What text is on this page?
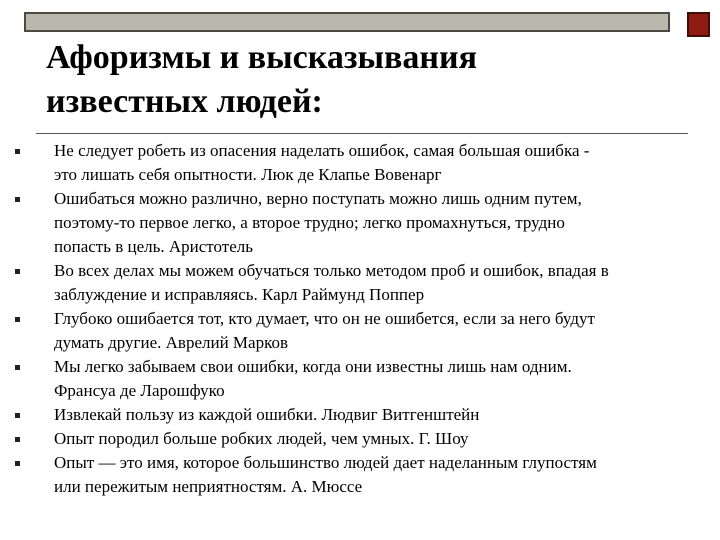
Афоризмы и высказывания
известных людей:
Не следует робеть из опасения наделать ошибок, самая большая ошибка -
это лишать себя опытности. Люк де Клапье Вовенарг
Ошибаться можно различно, верно поступать можно лишь одним путем,
поэтому-то первое легко, а второе трудно; легко промахнуться, трудно
попасть в цель. Аристотель
Во всех делах мы можем обучаться только методом проб и ошибок, впадая в
заблуждение и исправляясь. Карл Раймунд Поппер
Глубоко ошибается тот, кто думает, что он не ошибется, если за него будут
думать другие. Аврелий Марков
Мы легко забываем свои ошибки, когда они известны лишь нам одним.
Франсуа де Ларошфуко
Извлекай пользу из каждой ошибки. Людвиг Витгенштейн
Опыт породил больше робких людей, чем умных. Г. Шоу
Опыт — это имя, которое большинство людей дает наделанным глупостям
или пережитым неприятностям. А. Мюссе
